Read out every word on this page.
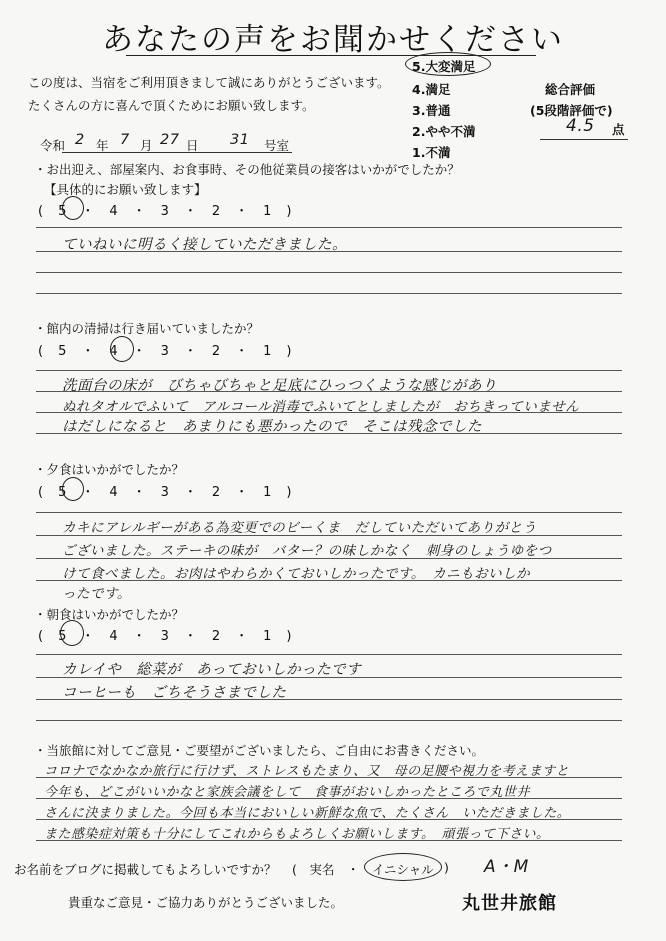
あなたの声をお聞かせください
この度は、当宿をご利用頂きまして誠にありがとうございます。
たくさんの方に喜んで頂くためにお願い致します。
5.大変満足
4.満足
3.普通
2.やや不満
1.不満
総合評価
(5段階評価で)
4.5 点
令和 2 年 7 月 27 日 31 号室
・お出迎え、部屋案内、お食事時、その他従業員の接客はいかがでしたか？
【具体的にお願い致します】
(　5　・　4　・　3　・　2　・　1　)
ていねいに明るく接していただきました。
・館内の清掃は行き届いていましたか？
(　5　・　4　・　3　・　2　・　1　)
洗面台の床が　びちゃびちゃと足底にひっつくような感じがあり
ぬれタオルでふいて　アルコール消毒でふいてとしましたが　おちきっていません
はだしになると　あまりにも悪かったので　そこは残念でした
・夕食はいかがでしたか？
(　5　・　4　・　3　・　2　・　1　)
カキにアレルギーがある為変更でのビーくま　だしていただいてありがとう
ございました。ステーキの味が　バター？の味しかなく　刺身のしょうゆをつ
けて食べました。お肉はやわらかくておいしかったです。　カニもおいしか
ったです。
・朝食はいかがでしたか？
(　5　・　4　・　3　・　2　・　1　)
カレイや　総菜が　あっておいしかったです
コーヒーも　ごちそうさまでした
・当旅館に対してご意見・ご要望がございましたら、ご自由にお書きください。
コロナでなかなか旅行に行けず、ストレスもたまり、又　母の足腰や視力を考えますと
今年も、どこがいいかなと家族会議をして　食事がおいしかったところで丸世井
さんに決まりました。今回も本当においしい新鮮な魚で、たくさん　いただきました。
また感染症対策も十分にしてこれからもよろしくお願いします。　頑張って下さい。
お名前をブログに掲載してもよろしいですか？ (　実名　・ イニシャル ) A・M
貴重なご意見・ご協力ありがとうございました。	丸世井旅館
